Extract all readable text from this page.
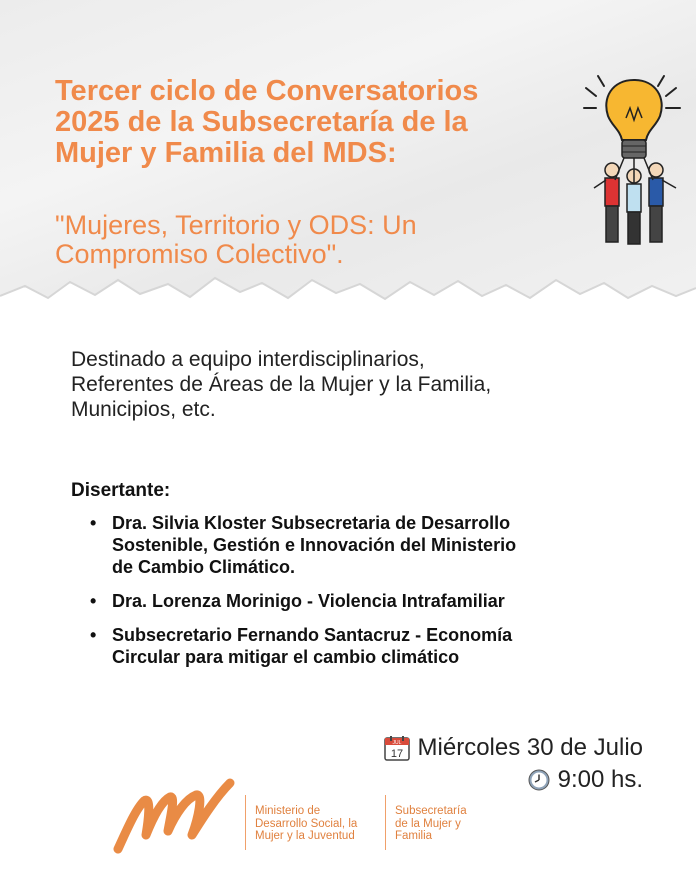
Tercer ciclo de Conversatorios
2025 de la Subsecretaría de la
Mujer y Familia del MDS:

"Mujeres, Territorio y ODS: Un
Compromiso Colectivo".

Destinado a equipo interdisciplinarios,
Referentes de Áreas de la Mujer y la Familia,
Municipios, etc.
Disertante:
• Dra. Silvia Kloster Subsecretaria de Desarrollo
Sostenible, Gestión e Innovación del Ministerio
de Cambio Climático.
• Dra. Lorenza Morinigo - Violencia Intrafamiliar
• Subsecretario Fernando Santacruz - Economía
Circular para mitigar el cambio climático
JUL
17 Miércoles 30 de Julio
9:00 hs.
Ministerio de
Desarrollo Social, la
Mujer y la Juventud
Subsecretaría
de la Mujer y
Familia
